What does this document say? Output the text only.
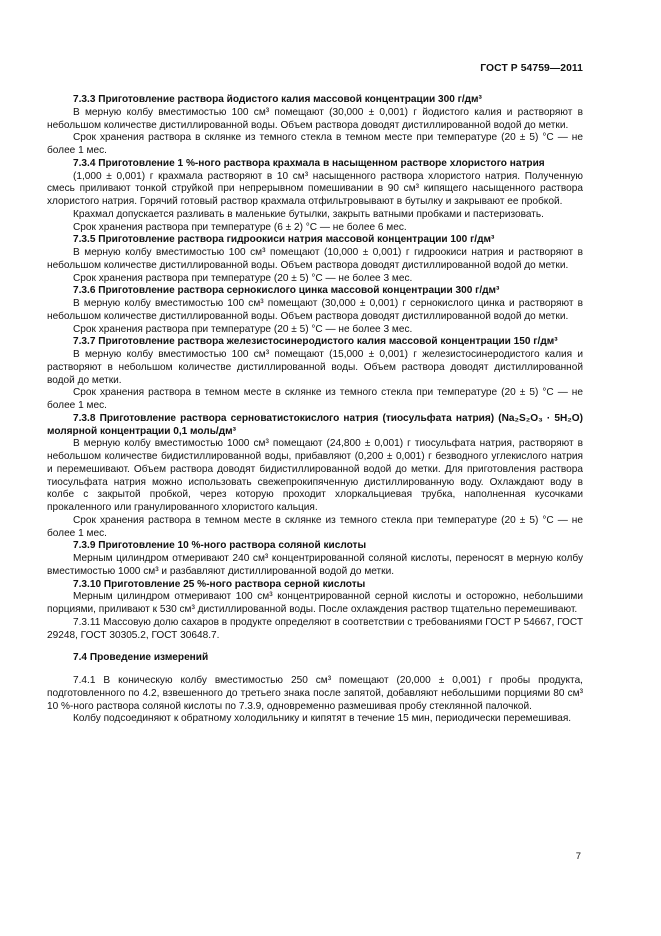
ГОСТ Р 54759—2011

7.3.3 Приготовление раствора йодистого калия массовой концентрации 300 г/дм³

В мерную колбу вместимостью 100 см³ помещают (30,000 ± 0,001) г йодистого калия и растворяют в небольшом количестве дистиллированной воды. Объем раствора доводят дистиллированной водой до метки.

Срок хранения раствора в склянке из темного стекла в темном месте при температуре (20 ± 5) °С — не более 1 мес.

7.3.4 Приготовление 1 %-ного раствора крахмала в насыщенном растворе хлористого натрия

(1,000 ± 0,001) г крахмала растворяют в 10 см³ насыщенного раствора хлористого натрия. Полученную смесь приливают тонкой струйкой при непрерывном помешивании в 90 см³ кипящего насыщенного раствора хлористого натрия. Горячий готовый раствор крахмала отфильтровывают в бутылку и закрывают ее пробкой.

Крахмал допускается разливать в маленькие бутылки, закрыть ватными пробками и пастеризовать.

Срок хранения раствора при температуре (6 ± 2) °С — не более 6 мес.

7.3.5 Приготовление раствора гидроокиси натрия массовой концентрации 100 г/дм³

В мерную колбу вместимостью 100 см³ помещают (10,000 ± 0,001) г гидроокиси натрия и растворяют в небольшом количестве дистиллированной воды. Объем раствора доводят дистиллированной водой до метки.

Срок хранения раствора при температуре (20 ± 5) °С — не более 3 мес.

7.3.6 Приготовление раствора сернокислого цинка массовой концентрации 300 г/дм³

В мерную колбу вместимостью 100 см³ помещают (30,000 ± 0,001) г сернокислого цинка и растворяют в небольшом количестве дистиллированной воды. Объем раствора доводят дистиллированной водой до метки.

Срок хранения раствора при температуре (20 ± 5) °С — не более 3 мес.

7.3.7 Приготовление раствора железистосинеродистого калия массовой концентрации 150 г/дм³

В мерную колбу вместимостью 100 см³ помещают (15,000 ± 0,001) г железистосинеродистого калия и растворяют в небольшом количестве дистиллированной воды. Объем раствора доводят дистиллированной водой до метки.

Срок хранения раствора в темном месте в склянке из темного стекла при температуре (20 ± 5) °С — не более 1 мес.

7.3.8 Приготовление раствора серноватистокислого натрия (тиосульфата натрия) (Na₂S₂O₃ · 5H₂O) молярной концентрации 0,1 моль/дм³

В мерную колбу вместимостью 1000 см³ помещают (24,800 ± 0,001) г тиосульфата натрия, растворяют в небольшом количестве бидистиллированной воды, прибавляют (0,200 ± 0,001) г безводного углекислого натрия и перемешивают. Объем раствора доводят бидистиллированной водой до метки. Для приготовления раствора тиосульфата натрия можно использовать свежепрокипяченную дистиллированную воду. Охлаждают воду в колбе с закрытой пробкой, через которую проходит хлоркальциевая трубка, наполненная кусочками прокаленного или гранулированного хлористого кальция.

Срок хранения раствора в темном месте в склянке из темного стекла при температуре (20 ± 5) °С — не более 1 мес.

7.3.9 Приготовление 10 %-ного раствора соляной кислоты

Мерным цилиндром отмеривают 240 см³ концентрированной соляной кислоты, переносят в мерную колбу вместимостью 1000 см³ и разбавляют дистиллированной водой до метки.

7.3.10 Приготовление 25 %-ного раствора серной кислоты

Мерным цилиндром отмеривают 100 см³ концентрированной серной кислоты и осторожно, небольшими порциями, приливают к 530 см³ дистиллированной воды. После охлаждения раствор тщательно перемешивают.

7.3.11 Массовую долю сахаров в продукте определяют в соответствии с требованиями ГОСТ Р 54667, ГОСТ 29248, ГОСТ 30305.2, ГОСТ 30648.7.

7.4 Проведение измерений

7.4.1 В коническую колбу вместимостью 250 см³ помещают (20,000 ± 0,001) г пробы продукта, подготовленного по 4.2, взвешенного до третьего знака после запятой, добавляют небольшими порциями 80 см³ 10 %-ного раствора соляной кислоты по 7.3.9, одновременно размешивая пробу стеклянной палочкой.

Колбу подсоединяют к обратному холодильнику и кипятят в течение 15 мин, периодически перемешивая.

7
